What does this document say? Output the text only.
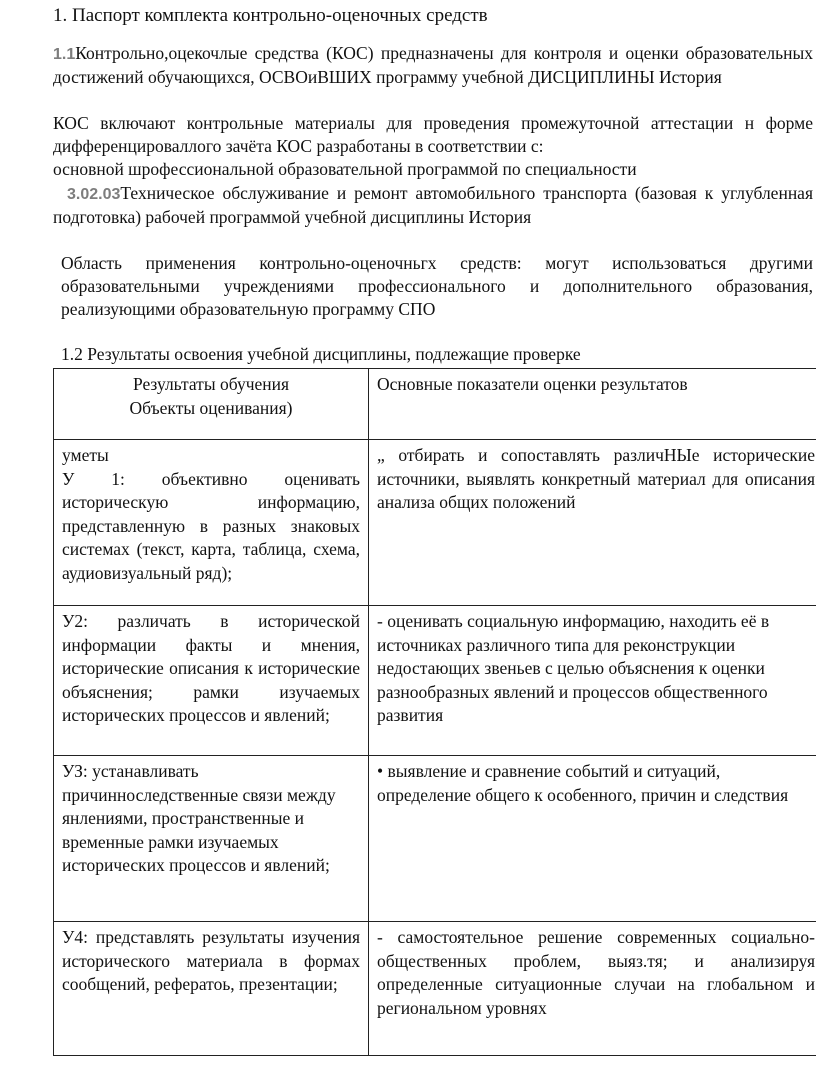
1. Паспорт комплекта контрольно-оценочных средств
1.1Контрольно,оцекочлые средства (КОС) предназначены для контроля и оценки образовательных достижений обучающихся, ОСВОиВШИХ программу учебной ДИСЦИПЛИНЫ История
КОС включают контрольные материалы для проведения промежуточной аттестации н форме дифференцироваллого зачёта КОС разработаны в соответствии с:
основной шрофессиональной образовательной программой по специальности
3.02.03Техническое обслуживание и ремонт автомобильного транспорта (базовая к углубленная подготовка) рабочей программой учебной дисциплины История
Область применения контрольно-оценочньгх средств: могут использоваться другими образовательными учреждениями профессионального и дополнительного образования, реализующими образовательную программу СПО
1.2 Результаты освоения учебной дисциплины, подлежащие проверке
Результаты обучения
Объекты оценивания)	Основные показатели оценки результатов
уметы
У 1: объективно оценивать историческую информацию, представленную в разных знаковых системах (текст, карта, таблица, схема, аудиовизуальный ряд);	„ отбирать и сопоставлять различНЫе исторические источники, выявлять конкретный материал для описания анализа общих положений
У2: различать в исторической информации факты и мнения, исторические описания к исторические объяснения; рамки изучаемых исторических процессов и явлений;	- оценивать социальную информацию, находить её в источниках различного типа для реконструкции недостающих звеньев с целью объяснения к оценки разнообразных явлений и процессов общественного развития
УЗ: устанавливать причинноследственные связи между янлениями, пространственные и временные рамки изучаемых исторических процессов и явлений;	• выявление и сравнение событий и ситуаций, определение общего к особенного, причин и следствия
У4: представлять результаты изучения исторического материала в формах сообщений, рефератоь, презентации;	- самостоятельное решение современных социально-общественных проблем, выяз.тя; и анализируя определенные ситуационные случаи на глобальном и региональном уровнях
